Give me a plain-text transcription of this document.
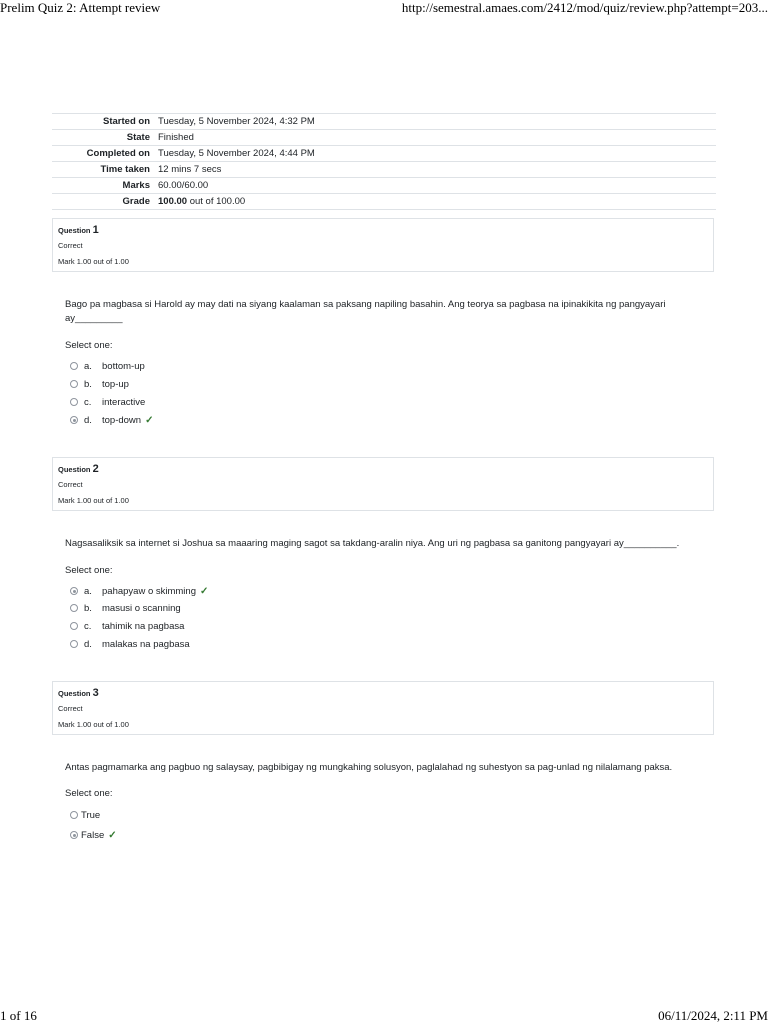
Prelim Quiz 2: Attempt review	http://semestral.amaes.com/2412/mod/quiz/review.php?attempt=203...
Started on	Tuesday, 5 November 2024, 4:32 PM
State	Finished
Completed on	Tuesday, 5 November 2024, 4:44 PM
Time taken	12 mins 7 secs
Marks	60.00/60.00
Grade	100.00 out of 100.00
Question 1
Correct
Mark 1.00 out of 1.00
Bago pa magbasa si Harold ay may dati na siyang kaalaman sa paksang napiling basahin. Ang teorya sa pagbasa na ipinakikita ng pangyayari ay_________
Select one:
a.	bottom-up
b.	top-up
c.	interactive
d.	top-down ✓
Question 2
Correct
Mark 1.00 out of 1.00
Nagsasaliksik sa internet si Joshua sa maaaring maging sagot sa takdang-aralin niya. Ang uri ng pagbasa sa ganitong pangyayari ay__________.
Select one:
a.	pahapyaw o skimming ✓
b.	masusi o scanning
c.	tahimik na pagbasa
d.	malakas na pagbasa
Question 3
Correct
Mark 1.00 out of 1.00
Antas pagmamarka ang pagbuo ng salaysay, pagbibigay ng mungkahing solusyon, paglalahad ng suhestyon sa pag-unlad ng nilalamang paksa.
Select one:
True
False ✓
1 of 16	06/11/2024, 2:11 PM
